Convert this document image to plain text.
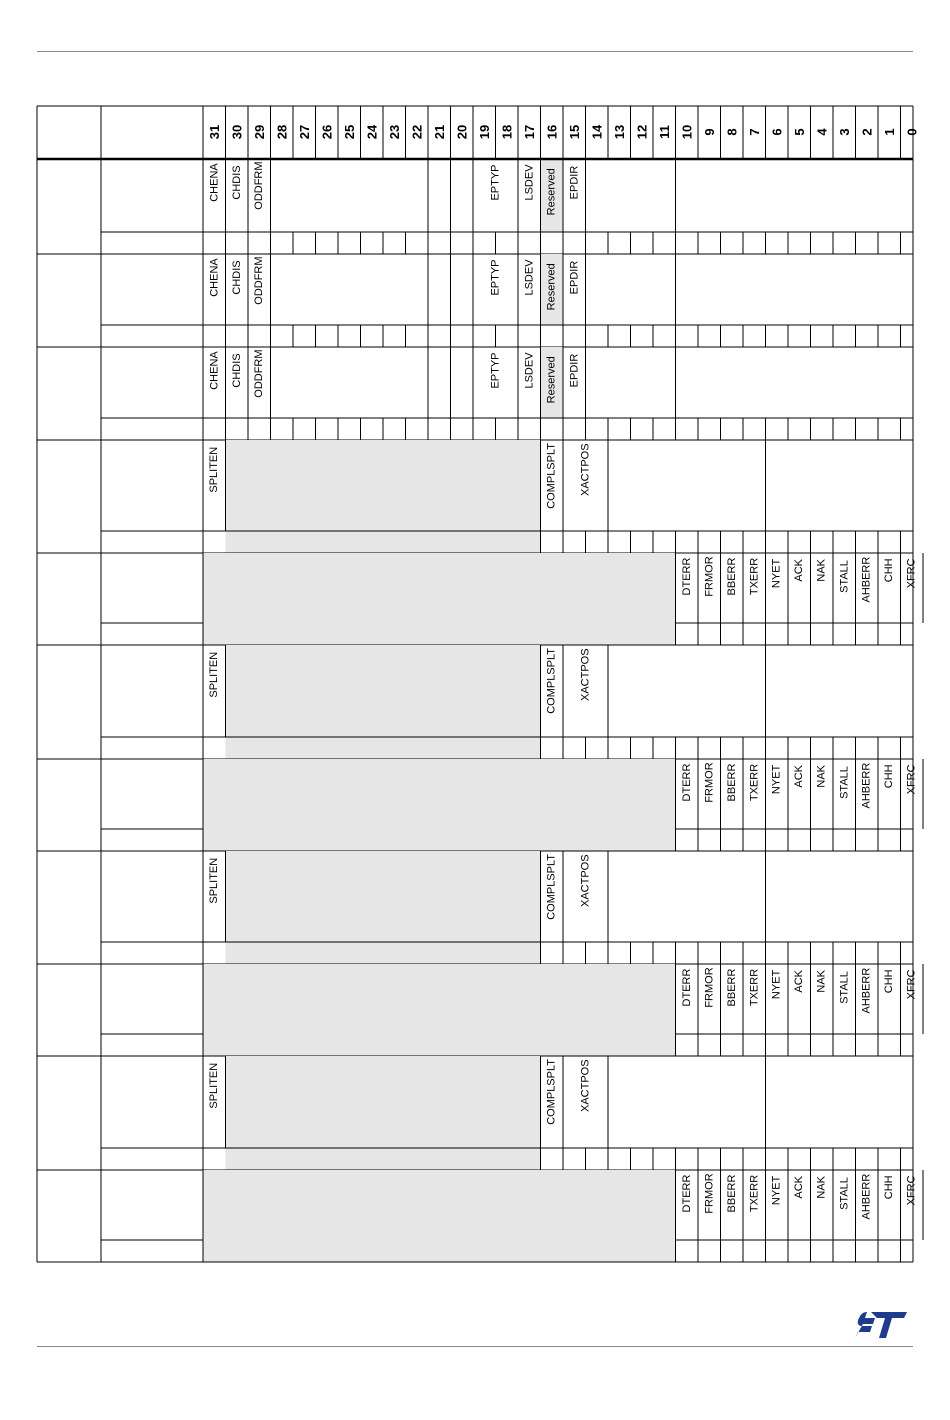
31 30 29 28 27 26 25 24 23 22 21 20 19 18 17 16 15 14 13 12 11 10 9 8 7 6 5 4 3 2 1 0
CHENA CHDIS ODDFRM	EPTYP LSDEV Reserved EPDIR
CHENA CHDIS ODDFRM	EPTYP LSDEV Reserved EPDIR
CHENA CHDIS ODDFRM	EPTYP LSDEV Reserved EPDIR
SPLITEN	COMPLSPLT XACTPOS
DTERR FRMOR BBERR TXERR NYET ACK NAK STALL AHBERR CHH XFRC
SPLITEN	COMPLSPLT XACTPOS
DTERR FRMOR BBERR TXERR NYET ACK NAK STALL AHBERR CHH XFRC
SPLITEN	COMPLSPLT XACTPOS
DTERR FRMOR BBERR TXERR NYET ACK NAK STALL AHBERR CHH XFRC
SPLITEN	COMPLSPLT XACTPOS
DTERR FRMOR BBERR TXERR NYET ACK NAK STALL AHBERR CHH XFRC
ST
